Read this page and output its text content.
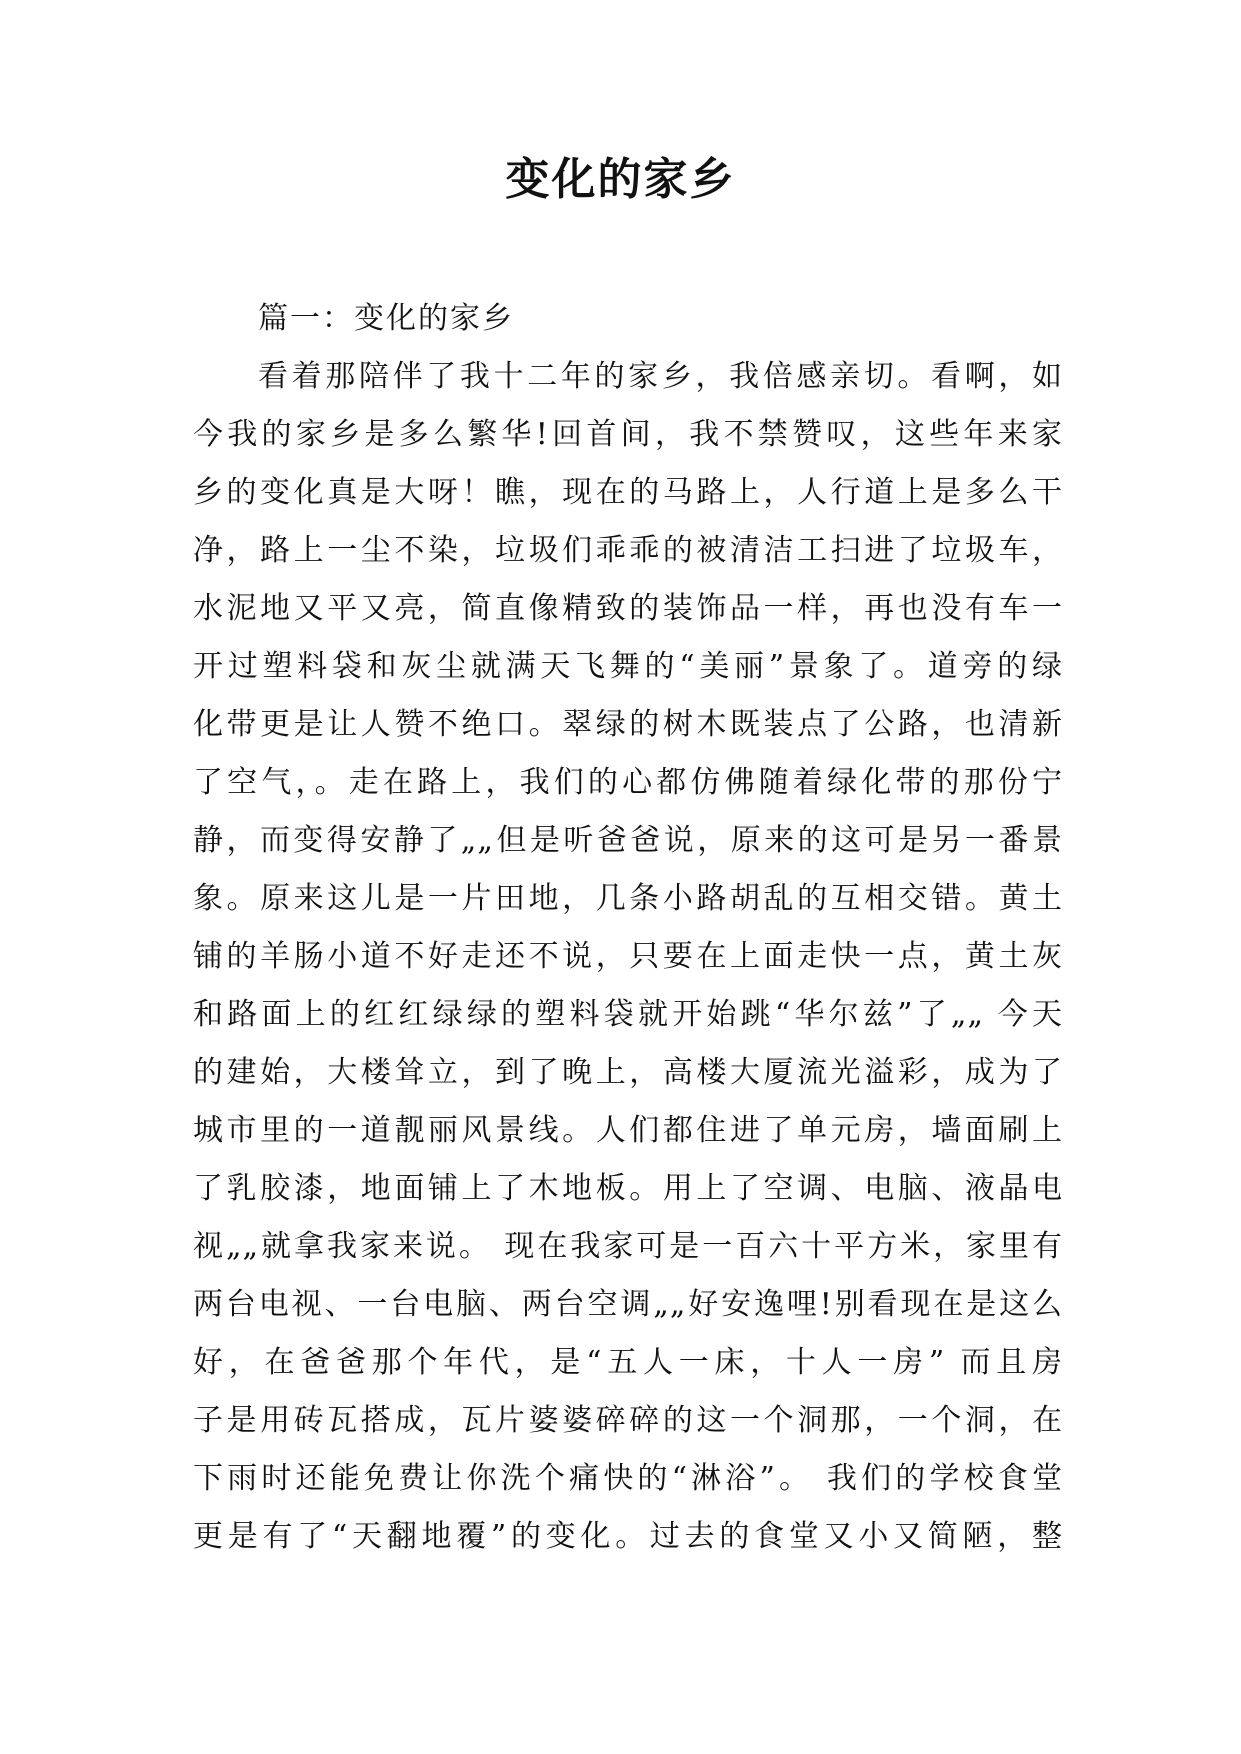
变化的家乡

篇一：变化的家乡

看着那陪伴了我十二年的家乡，我倍感亲切。看啊，如

今我的家乡是多么繁华!回首间，我不禁赞叹，这些年来家

乡的变化真是大呀！瞧，现在的马路上，人行道上是多么干

净，路上一尘不染，垃圾们乖乖的被清洁工扫进了垃圾车，

水泥地又平又亮，简直像精致的装饰品一样，再也没有车一

开过塑料袋和灰尘就满天飞舞的“美丽”景象了。道旁的绿

化带更是让人赞不绝口。翠绿的树木既装点了公路，也清新

了空气，。走在路上，我们的心都仿佛随着绿化带的那份宁

静，而变得安静了„„但是听爸爸说，原来的这可是另一番景

象。原来这儿是一片田地，几条小路胡乱的互相交错。黄土

铺的羊肠小道不好走还不说，只要在上面走快一点，黄土灰

和路面上的红红绿绿的塑料袋就开始跳“华尔兹”了„„ 今天

的建始，大楼耸立，到了晚上，高楼大厦流光溢彩，成为了

城市里的一道靓丽风景线。人们都住进了单元房，墙面刷上

了乳胶漆，地面铺上了木地板。用上了空调、电脑、液晶电

视„„就拿我家来说。 现在我家可是一百六十平方米，家里有

两台电视、一台电脑、两台空调„„好安逸哩!别看现在是这么

好，在爸爸那个年代，是“五人一床，十人一房” 而且房

子是用砖瓦搭成，瓦片婆婆碎碎的这一个洞那，一个洞，在

下雨时还能免费让你洗个痛快的“淋浴”。 我们的学校食堂

更是有了“天翻地覆”的变化。过去的食堂又小又简陋，整
